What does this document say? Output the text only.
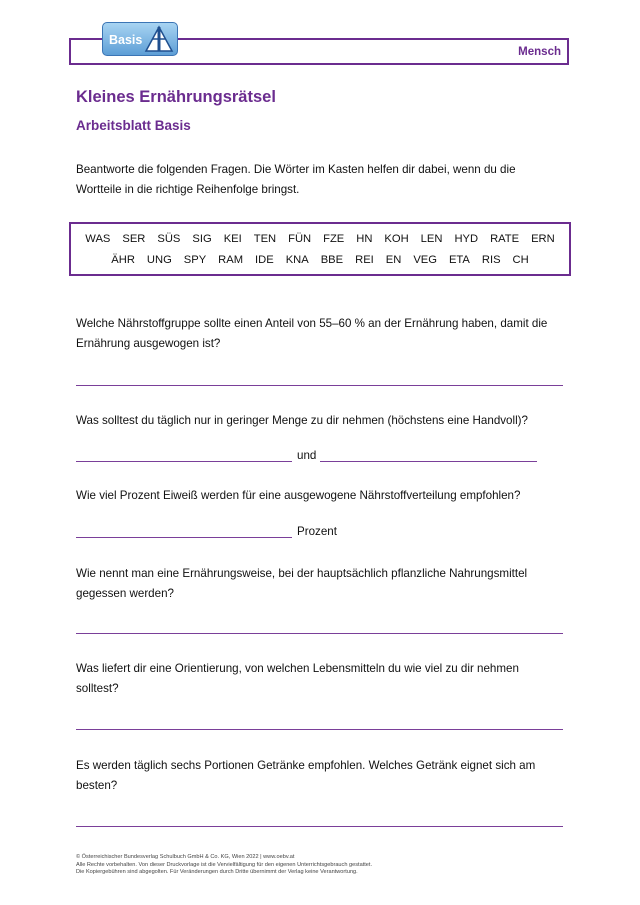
Mensch
Basis
Kleines Ernährungsrätsel
Arbeitsblatt Basis
Beantworte die folgenden Fragen. Die Wörter im Kasten helfen dir dabei, wenn du die
Wortteile in die richtige Reihenfolge bringst.
WAS SER SÜS SIG KEI TEN FÜN FZE HN KOH LEN HYD RATE ERN
ÄHR UNG SPY RAM IDE KNA BBE REI EN VEG ETA RIS CH
Welche Nährstoffgruppe sollte einen Anteil von 55–60 % an der Ernährung haben, damit die
Ernährung ausgewogen ist?
Was solltest du täglich nur in geringer Menge zu dir nehmen (höchstens eine Handvoll)?
und
Wie viel Prozent Eiweiß werden für eine ausgewogene Nährstoffverteilung empfohlen?
Prozent
Wie nennt man eine Ernährungsweise, bei der hauptsächlich pflanzliche Nahrungsmittel
gegessen werden?
Was liefert dir eine Orientierung, von welchen Lebensmitteln du wie viel zu dir nehmen
solltest?
Es werden täglich sechs Portionen Getränke empfohlen. Welches Getränk eignet sich am
besten?
© Österreichischer Bundesverlag Schulbuch GmbH & Co. KG, Wien 2022 | www.oebv.at
Alle Rechte vorbehalten. Von dieser Druckvorlage ist die Vervielfältigung für den eigenen Unterrichtsgebrauch gestattet.
Die Kopiergebühren sind abgegolten. Für Veränderungen durch Dritte übernimmt der Verlag keine Verantwortung.
